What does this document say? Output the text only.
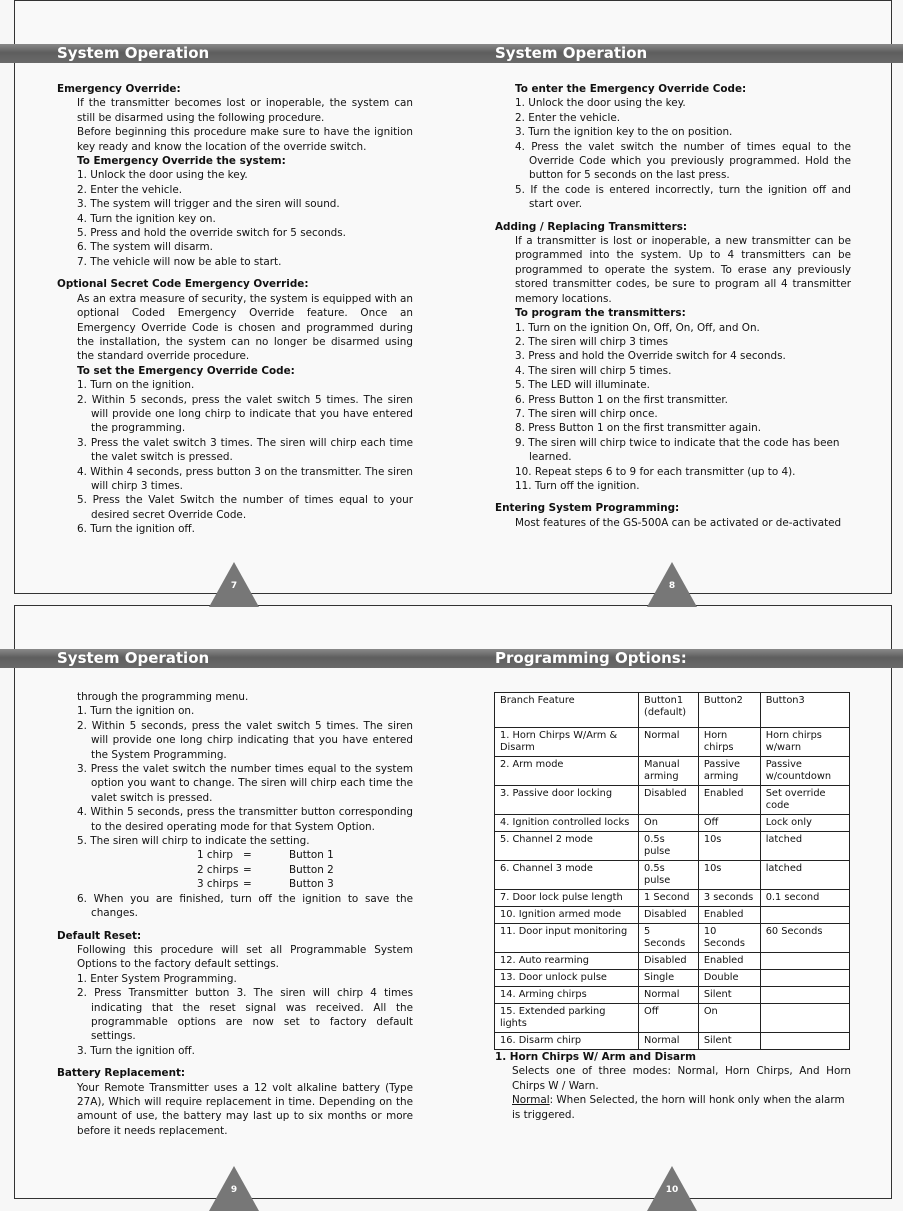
System Operation	System Operation
System Operation	Programming Options:

Emergency Override:

If the transmitter becomes lost or inoperable, the system can still be disarmed using the following procedure.

Before beginning this procedure make sure to have the ignition key ready and know the location of the override switch.

To Emergency Override the system:

1. Unlock the door using the key.
2. Enter the vehicle.
3. The system will trigger and the siren will sound.
4. Turn the ignition key on.
5. Press and hold the override switch for 5 seconds.
6. The system will disarm.
7. The vehicle will now be able to start.

Optional Secret Code Emergency Override:

As an extra measure of security, the system is equipped with an optional Coded Emergency Override feature. Once an Emergency Override Code is chosen and programmed during the installation, the system can no longer be disarmed using the standard override procedure.

To set the Emergency Override Code:

1. Turn on the ignition.
2. Within 5 seconds, press the valet switch 5 times. The siren will provide one long chirp to indicate that you have entered the programming.
3. Press the valet switch 3 times. The siren will chirp each time the valet switch is pressed.
4. Within 4 seconds, press button 3 on the transmitter. The siren will chirp 3 times.
5. Press the Valet Switch the number of times equal to your desired secret Override Code.
6. Turn the ignition off.
7

To enter the Emergency Override Code:

1. Unlock the door using the key.
2. Enter the vehicle.
3. Turn the ignition key to the on position.
4. Press the valet switch the number of times equal to the Override Code which you previously programmed. Hold the button for 5 seconds on the last press.
5. If the code is entered incorrectly, turn the ignition off and start over.

Adding / Replacing Transmitters:

If a transmitter is lost or inoperable, a new transmitter can be programmed into the system. Up to 4 transmitters can be programmed to operate the system. To erase any previously stored transmitter codes, be sure to program all 4 transmitter memory locations.

To program the transmitters:

1. Turn on the ignition On, Off, On, Off, and On.
2. The siren will chirp 3 times
3. Press and hold the Override switch for 4 seconds.
4. The siren will chirp 5 times.
5. The LED will illuminate.
6. Press Button 1 on the first transmitter.
7. The siren will chirp once.
8. Press Button 1 on the first transmitter again.
9. The siren will chirp twice to indicate that the code has been learned.
10. Repeat steps 6 to 9 for each transmitter (up to 4).
11. Turn off the ignition.

Entering System Programming:

Most features of the GS-500A can be activated or de-activated

8

through the programming menu.

1. Turn the ignition on.
2. Within 5 seconds, press the valet switch 5 times. The siren will provide one long chirp indicating that you have entered the System Programming.
3. Press the valet switch the number times equal to the system option you want to change. The siren will chirp each time the valet switch is pressed.
4. Within 5 seconds, press the transmitter button corresponding to the desired operating mode for that System Option.
5. The siren will chirp to indicate the setting.
1 chirp =	Button 1
2 chirps =	Button 2
3 chirps =	Button 3
6. When you are finished, turn off the ignition to save the changes.

Default Reset:

Following this procedure will set all Programmable System Options to the factory default settings.

1. Enter System Programming.
2. Press Transmitter button 3. The siren will chirp 4 times indicating that the reset signal was received. All the programmable options are now set to factory default settings.
3. Turn the ignition off.

Battery Replacement:

Your Remote Transmitter uses a 12 volt alkaline battery (Type 27A), Which will require replacement in time. Depending on the amount of use, the battery may last up to six months or more before it needs replacement.

9
Branch Feature	Button1 (default)	Button2	Button3
1. Horn Chirps W/Arm & Disarm	Normal	Horn chirps	Horn chirps w/warn
2. Arm mode	Manual arming	Passive arming	Passive w/countdown
3. Passive door locking	Disabled	Enabled	Set override code
4. Ignition controlled locks	On	Off	Lock only
5. Channel 2 mode	0.5s pulse	10s	latched
6. Channel 3 mode	0.5s pulse	10s	latched
7. Door lock pulse length	1 Second	3 seconds	0.1 second
10. Ignition armed mode	Disabled	Enabled	
11. Door input monitoring	5 Seconds	10 Seconds	60 Seconds
12. Auto rearming	Disabled	Enabled	
13. Door unlock pulse	Single	Double	
14. Arming chirps	Normal	Silent	
15. Extended parking lights	Off	On	
16. Disarm chirp	Normal	Silent	

1. Horn Chirps W/ Arm and Disarm

Selects one of three modes: Normal, Horn Chirps, And Horn Chirps W / Warn.

Normal: When Selected, the horn will honk only when the alarm is triggered.

10
